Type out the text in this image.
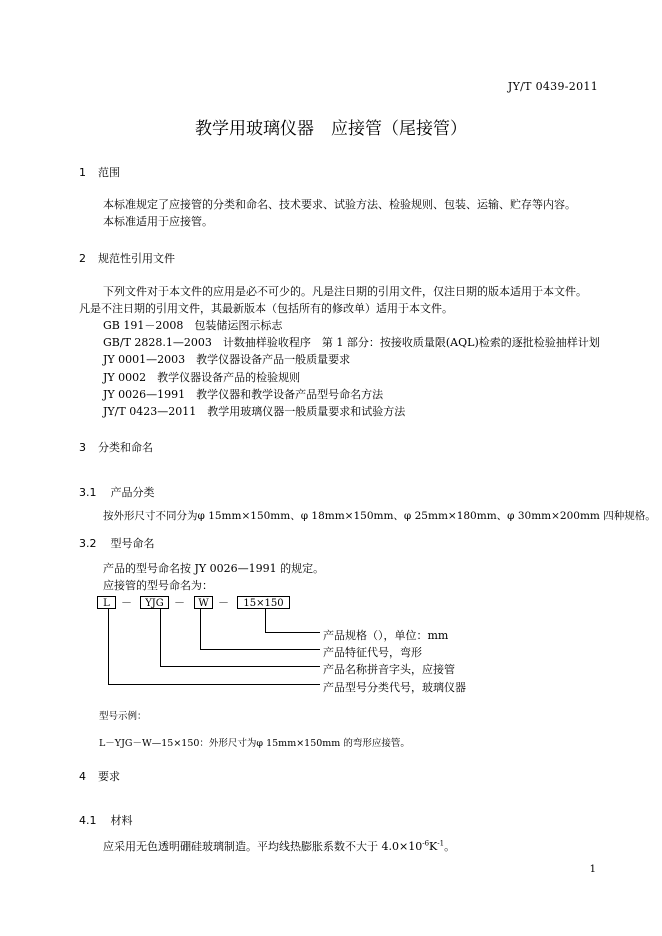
JY/T 0439-2011
教学用玻璃仪器　应接管（尾接管）
1 范围
本标准规定了应接管的分类和命名、技术要求、试验方法、检验规则、包装、运输、贮存等内容。
本标准适用于应接管。
2 规范性引用文件
下列文件对于本文件的应用是必不可少的。凡是注日期的引用文件，仅注日期的版本适用于本文件。
凡是不注日期的引用文件，其最新版本（包括所有的修改单）适用于本文件。
GB 191－2008　包装储运图示标志
GB/T 2828.1—2003　计数抽样验收程序　第 1 部分：按接收质量限(AQL)检索的逐批检验抽样计划
JY 0001—2003　教学仪器设备产品一般质量要求
JY 0002　教学仪器设备产品的检验规则
JY 0026—1991　教学仪器和教学设备产品型号命名方法
JY/T 0423—2011　教学用玻璃仪器一般质量要求和试验方法
3 分类和命名
3.1 产品分类
按外形尺寸不同分为φ 15mm×150mm、φ 18mm×150mm、φ 25mm×180mm、φ 30mm×200mm 四种规格。
3.2 型号命名
产品的型号命名按 JY 0026—1991 的规定。
应接管的型号命名为：
L	－	YJG －	W －	15×150
产品规格（），单位：mm
产品特征代号，弯形
产品名称拼音字头，应接管
产品型号分类代号，玻璃仪器
型号示例：
L－YJG－W—15×150：外形尺寸为φ 15mm×150mm 的弯形应接管。
4 要求
4.1 材料
应采用无色透明硼硅玻璃制造。平均线热膨胀系数不大于 $4.0\times 10^{-6}K^{-1}$。
1
